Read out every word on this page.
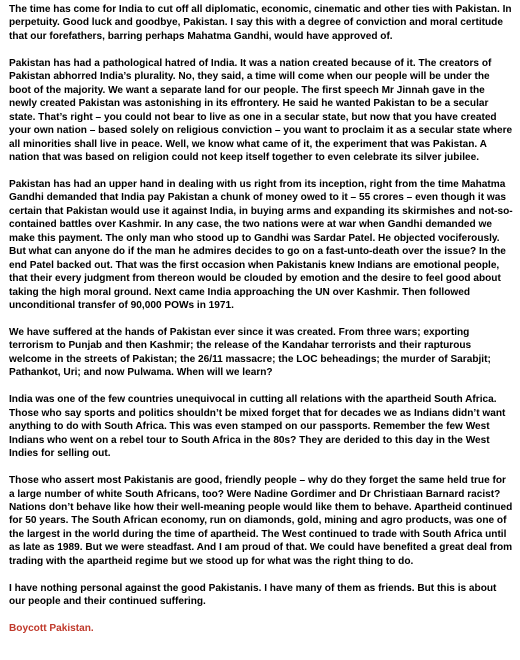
The time has come for India to cut off all diplomatic, economic, cinematic and other ties with Pakistan. In perpetuity. Good luck and goodbye, Pakistan. I say this with a degree of conviction and moral certitude that our forefathers, barring perhaps Mahatma Gandhi, would have approved of.

Pakistan has had a pathological hatred of India. It was a nation created because of it. The creators of Pakistan abhorred India’s plurality. No, they said, a time will come when our people will be under the boot of the majority. We want a separate land for our people. The first speech Mr Jinnah gave in the newly created Pakistan was astonishing in its effrontery. He said he wanted Pakistan to be a secular state. That’s right – you could not bear to live as one in a secular state, but now that you have created your own nation – based solely on religious conviction – you want to proclaim it as a secular state where all minorities shall live in peace. Well, we know what came of it, the experiment that was Pakistan. A nation that was based on religion could not keep itself together to even celebrate its silver jubilee.

Pakistan has had an upper hand in dealing with us right from its inception, right from the time Mahatma Gandhi demanded that India pay Pakistan a chunk of money owed to it – 55 crores – even though it was certain that Pakistan would use it against India, in buying arms and expanding its skirmishes and not-so-contained battles over Kashmir. In any case, the two nations were at war when Gandhi demanded we make this payment. The only man who stood up to Gandhi was Sardar Patel. He objected vociferously. But what can anyone do if the man he admires decides to go on a fast-unto-death over the issue? In the end Patel backed out. That was the first occasion when Pakistanis knew Indians are emotional people, that their every judgment from thereon would be clouded by emotion and the desire to feel good about taking the high moral ground. Next came India approaching the UN over Kashmir. Then followed unconditional transfer of 90,000 POWs in 1971.

We have suffered at the hands of Pakistan ever since it was created. From three wars; exporting terrorism to Punjab and then Kashmir; the release of the Kandahar terrorists and their rapturous welcome in the streets of Pakistan; the 26/11 massacre; the LOC beheadings; the murder of Sarabjit; Pathankot, Uri; and now Pulwama. When will we learn?

India was one of the few countries unequivocal in cutting all relations with the apartheid South Africa. Those who say sports and politics shouldn’t be mixed forget that for decades we as Indians didn’t want anything to do with South Africa. This was even stamped on our passports. Remember the few West Indians who went on a rebel tour to South Africa in the 80s? They are derided to this day in the West Indies for selling out.

Those who assert most Pakistanis are good, friendly people – why do they forget the same held true for a large number of white South Africans, too? Were Nadine Gordimer and Dr Christiaan Barnard racist? Nations don’t behave like how their well-meaning people would like them to behave. Apartheid continued for 50 years. The South African economy, run on diamonds, gold, mining and agro products, was one of the largest in the world during the time of apartheid. The West continued to trade with South Africa until as late as 1989. But we were steadfast. And I am proud of that. We could have benefited a great deal from trading with the apartheid regime but we stood up for what was the right thing to do.

I have nothing personal against the good Pakistanis. I have many of them as friends. But this is about our people and their continued suffering.

Boycott Pakistan.
